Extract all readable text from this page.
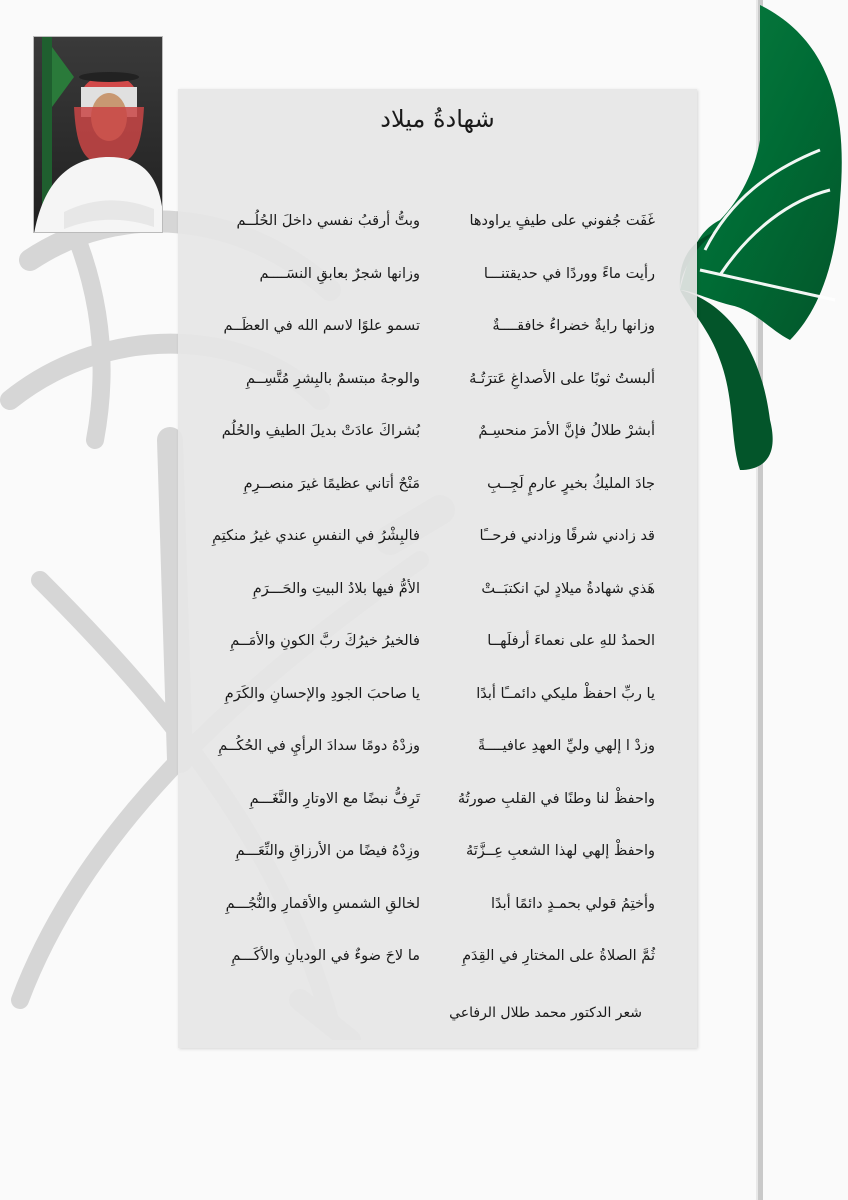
شهادةُ ميلاد
غَفَت جُفوني على طيفٍ يراودها
وبتُّ أرقبُ نفسي داخلَ الحُلُــم
رأيت ماءً ووردًا في حديقتنـــا
وزانها شجرٌ بعابقِ النسَــــم
وزانها رايةٌ خضراءُ خافقــــةٌ
تسمو علوًا لاسم الله في العظَــم
ألبستُ ثوبًا على الأصداغِ عَترَتُـهُ
والوجهُ مبتسمٌ بالبِشرِ مُتَّسِــمِ
أبشرْ طلالُ فإنَّ الأمرَ منحسِـمٌ
بُشراكَ عادَتْ بديلَ الطيفِ والحُلُم
جادَ المليكُ بخيرٍ عارمٍ لَجِــبِ
مَنْحٌ أتاني عظيمًا غيرَ منصــرِمِ
قد زادني شرفًا وزادني فرحــًا
فالبِشْرُ في النفسِ عندي غيرُ منكتِمِ
هَذي شهادةُ ميلادٍ ليَ انكتبَــتْ
الأمُّ فيها بلادُ البيتِ والحَـــرَمِ
الحمدُ للهِ على نعماءَ أرفلَهــا
فالخيرُ خيرُكَ ربَّ الكونِ والأمَــمِ
يا ربِّ احفظْ مليكي دائمــًا أبدًا
يا صاحبَ الجودِ والإحسانِ والكَرَمِ
وزدْ ا إلهي وليِّ العهدِ عافيــــةً
وزدْهُ دومًا سدادَ الرأيِ في الحُكُــمِ
واحفظْ لنا وطنًا في القلبِ صورتُهُ
تَرِفُّ نبضًا مع الاوتارِ والنَّغَـــمِ
واحفظْ إلهي لهذا الشعبِ عِــزَّتَهُ
وزِدْهُ فيضًا من الأرزاقِ والنِّعَـــمِ
وأختِمُ قولي بحمـدٍ دائمًا أبدًا
لخالقِ الشمسِ والأقمارِ والنُّجُـــمِ
ثُمَّ الصلاةُ على المختارِ في القِدَمِ
ما لاحَ ضوءٌ في الوديانِ والأكَـــمِ
شعر الدكتور محمد طلال الرفاعي
